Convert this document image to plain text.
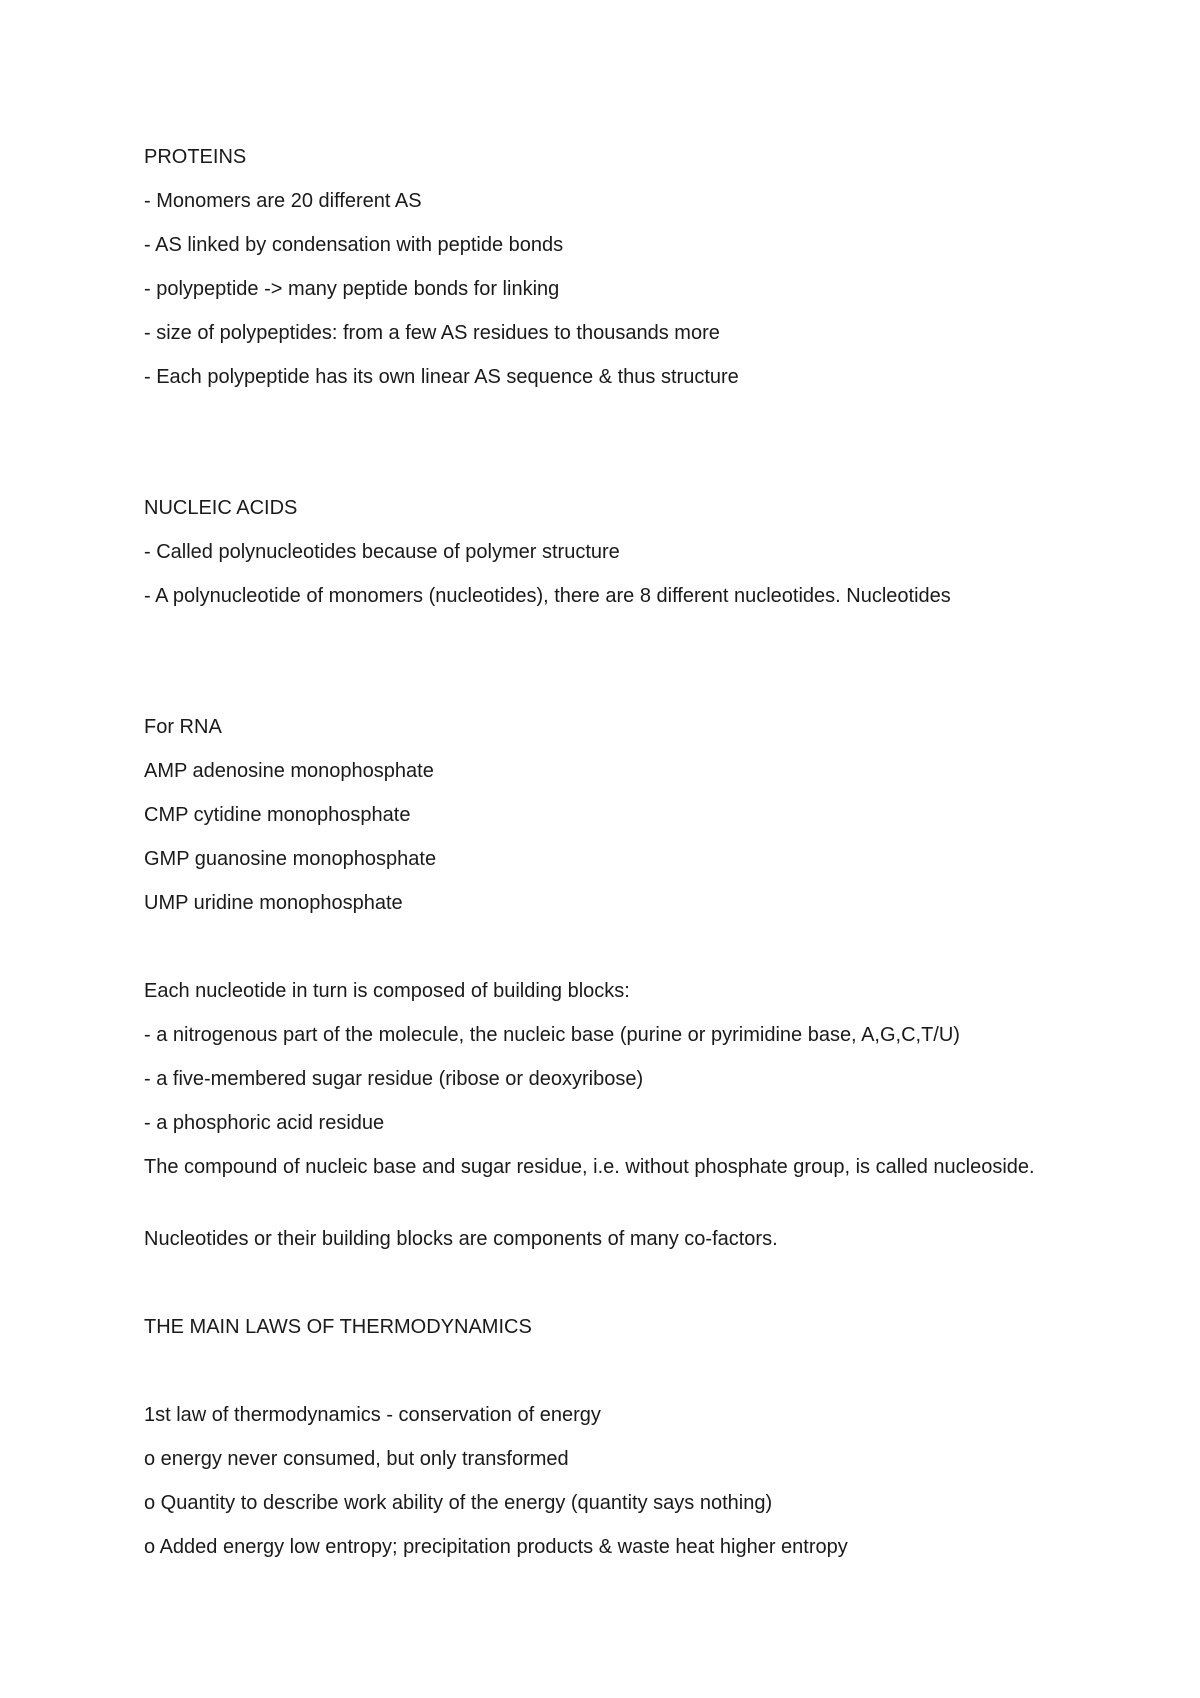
PROTEINS
- Monomers are 20 different AS
- AS linked by condensation with peptide bonds
- polypeptide -> many peptide bonds for linking
- size of polypeptides: from a few AS residues to thousands more
- Each polypeptide has its own linear AS sequence & thus structure
NUCLEIC ACIDS
- Called polynucleotides because of polymer structure
- A polynucleotide of monomers (nucleotides), there are 8 different nucleotides. Nucleotides
For RNA
AMP adenosine monophosphate
CMP cytidine monophosphate
GMP guanosine monophosphate
UMP uridine monophosphate
Each nucleotide in turn is composed of building blocks:
- a nitrogenous part of the molecule, the nucleic base (purine or pyrimidine base, A,G,C,T/U)
- a five-membered sugar residue (ribose or deoxyribose)
- a phosphoric acid residue
The compound of nucleic base and sugar residue, i.e. without phosphate group, is called nucleoside.
Nucleotides or their building blocks are components of many co-factors.
THE MAIN LAWS OF THERMODYNAMICS
1st law of thermodynamics - conservation of energy
o energy never consumed, but only transformed
o Quantity to describe work ability of the energy (quantity says nothing)
o Added energy low entropy; precipitation products & waste heat higher entropy
